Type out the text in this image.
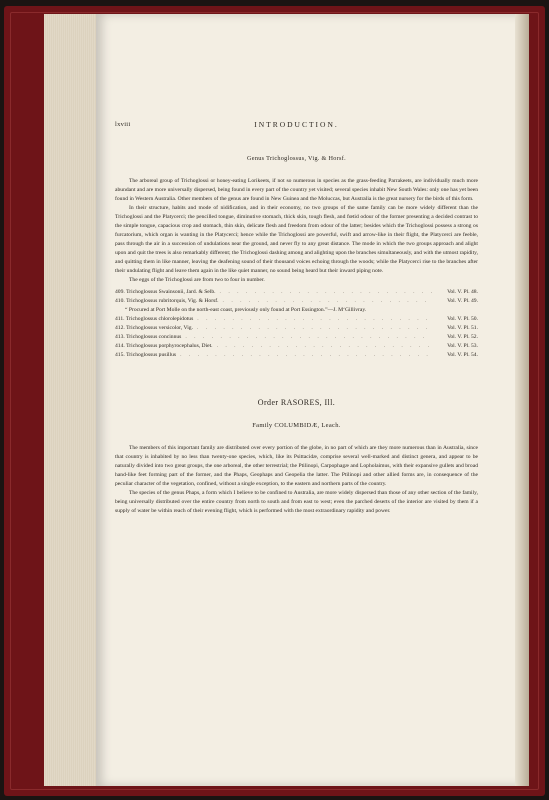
lxviii	INTRODUCTION.
Genus Trichoglossus, Vig. & Horsf.

The arboreal group of Trichoglossi or honey-eating Lorikeets, if not so numerous in species as the grass-feeding Parrakeets, are individually much more abundant and are more universally dispersed, being found in every part of the country yet visited; several species inhabit New South Wales: only one has yet been found in Western Australia. Other members of the genus are found in New Guinea and the Moluccas, but Australia is the great nursery for the birds of this form.

In their structure, habits and mode of nidification, and in their economy, no two groups of the same family can be more widely different than the Trichoglossi and the Platycerci; the pencilled tongue, diminutive stomach, thick skin, tough flesh, and fœtid odour of the former presenting a decided contrast to the simple tongue, capacious crop and stomach, thin skin, delicate flesh and freedom from odour of the latter; besides which the Trichoglossi possess a strong os furcatorium, which organ is wanting in the Platycerci; hence while the Trichoglossi are powerful, swift and arrow-like in their flight, the Platycerci are feeble, pass through the air in a succession of undulations near the ground, and never fly to any great distance. The mode in which the two groups approach and alight upon and quit the trees is also remarkably different; the Trichoglossi dashing among and alighting upon the branches simultaneously, and with the utmost rapidity, and quitting them in like manner, leaving the deafening sound of their thousand voices echoing through the woods; while the Platycerci rise to the branches after their undulating flight and leave them again in the like quiet manner, no sound being heard but their inward piping note.

The eggs of the Trichoglossi are from two to four in number.

409. Trichoglossus Swainsonii, Jard. & Selb. . . .	Vol. V. Pl. 48.
410. Trichoglossus rubritorquis, Vig. & Horsf. . . .	Vol. V. Pl. 49.
“ Procured at Port Molle on the north-east coast, previously only found at Port Essington.”—J. M‘Gillivray.
411. Trichoglossus chlorolepidotus . . .	Vol. V. Pl. 50.
412. Trichoglossus versicolor, Vig. . . .	Vol. V. Pl. 51.
413. Trichoglossus concinnus . . .	Vol. V. Pl. 52.
414. Trichoglossus porphyrocephalus, Diet. . . .	Vol. V. Pl. 53.
415. Trichoglossus pusillus . . .	Vol. V. Pl. 54.
Order RASORES, Ill.
Family COLUMBIDÆ, Leach.

The members of this important family are distributed over every portion of the globe, in no part of which are they more numerous than in Australia, since that country is inhabited by no less than twenty-one species, which, like its Psittacidæ, comprise several well-marked and distinct genera, and appear to be naturally divided into two great groups, the one arboreal, the other terrestrial; the Ptilinopi, Carpophagæ and Lopholaimus, with their expansive gullets and broad hand-like feet forming part of the former, and the Phaps, Geophaps and Geopelia the latter. The Ptilinopi and other allied forms are, in consequence of the peculiar character of the vegetation, confined, without a single exception, to the eastern and northern parts of the country.

The species of the genus Phaps, a form which I believe to be confined to Australia, are more widely dispersed than those of any other section of the family, being universally distributed over the entire country from north to south and from east to west; even the parched deserts of the interior are visited by them if a supply of water be within reach of their evening flight, which is performed with the most extraordinary rapidity and power.
